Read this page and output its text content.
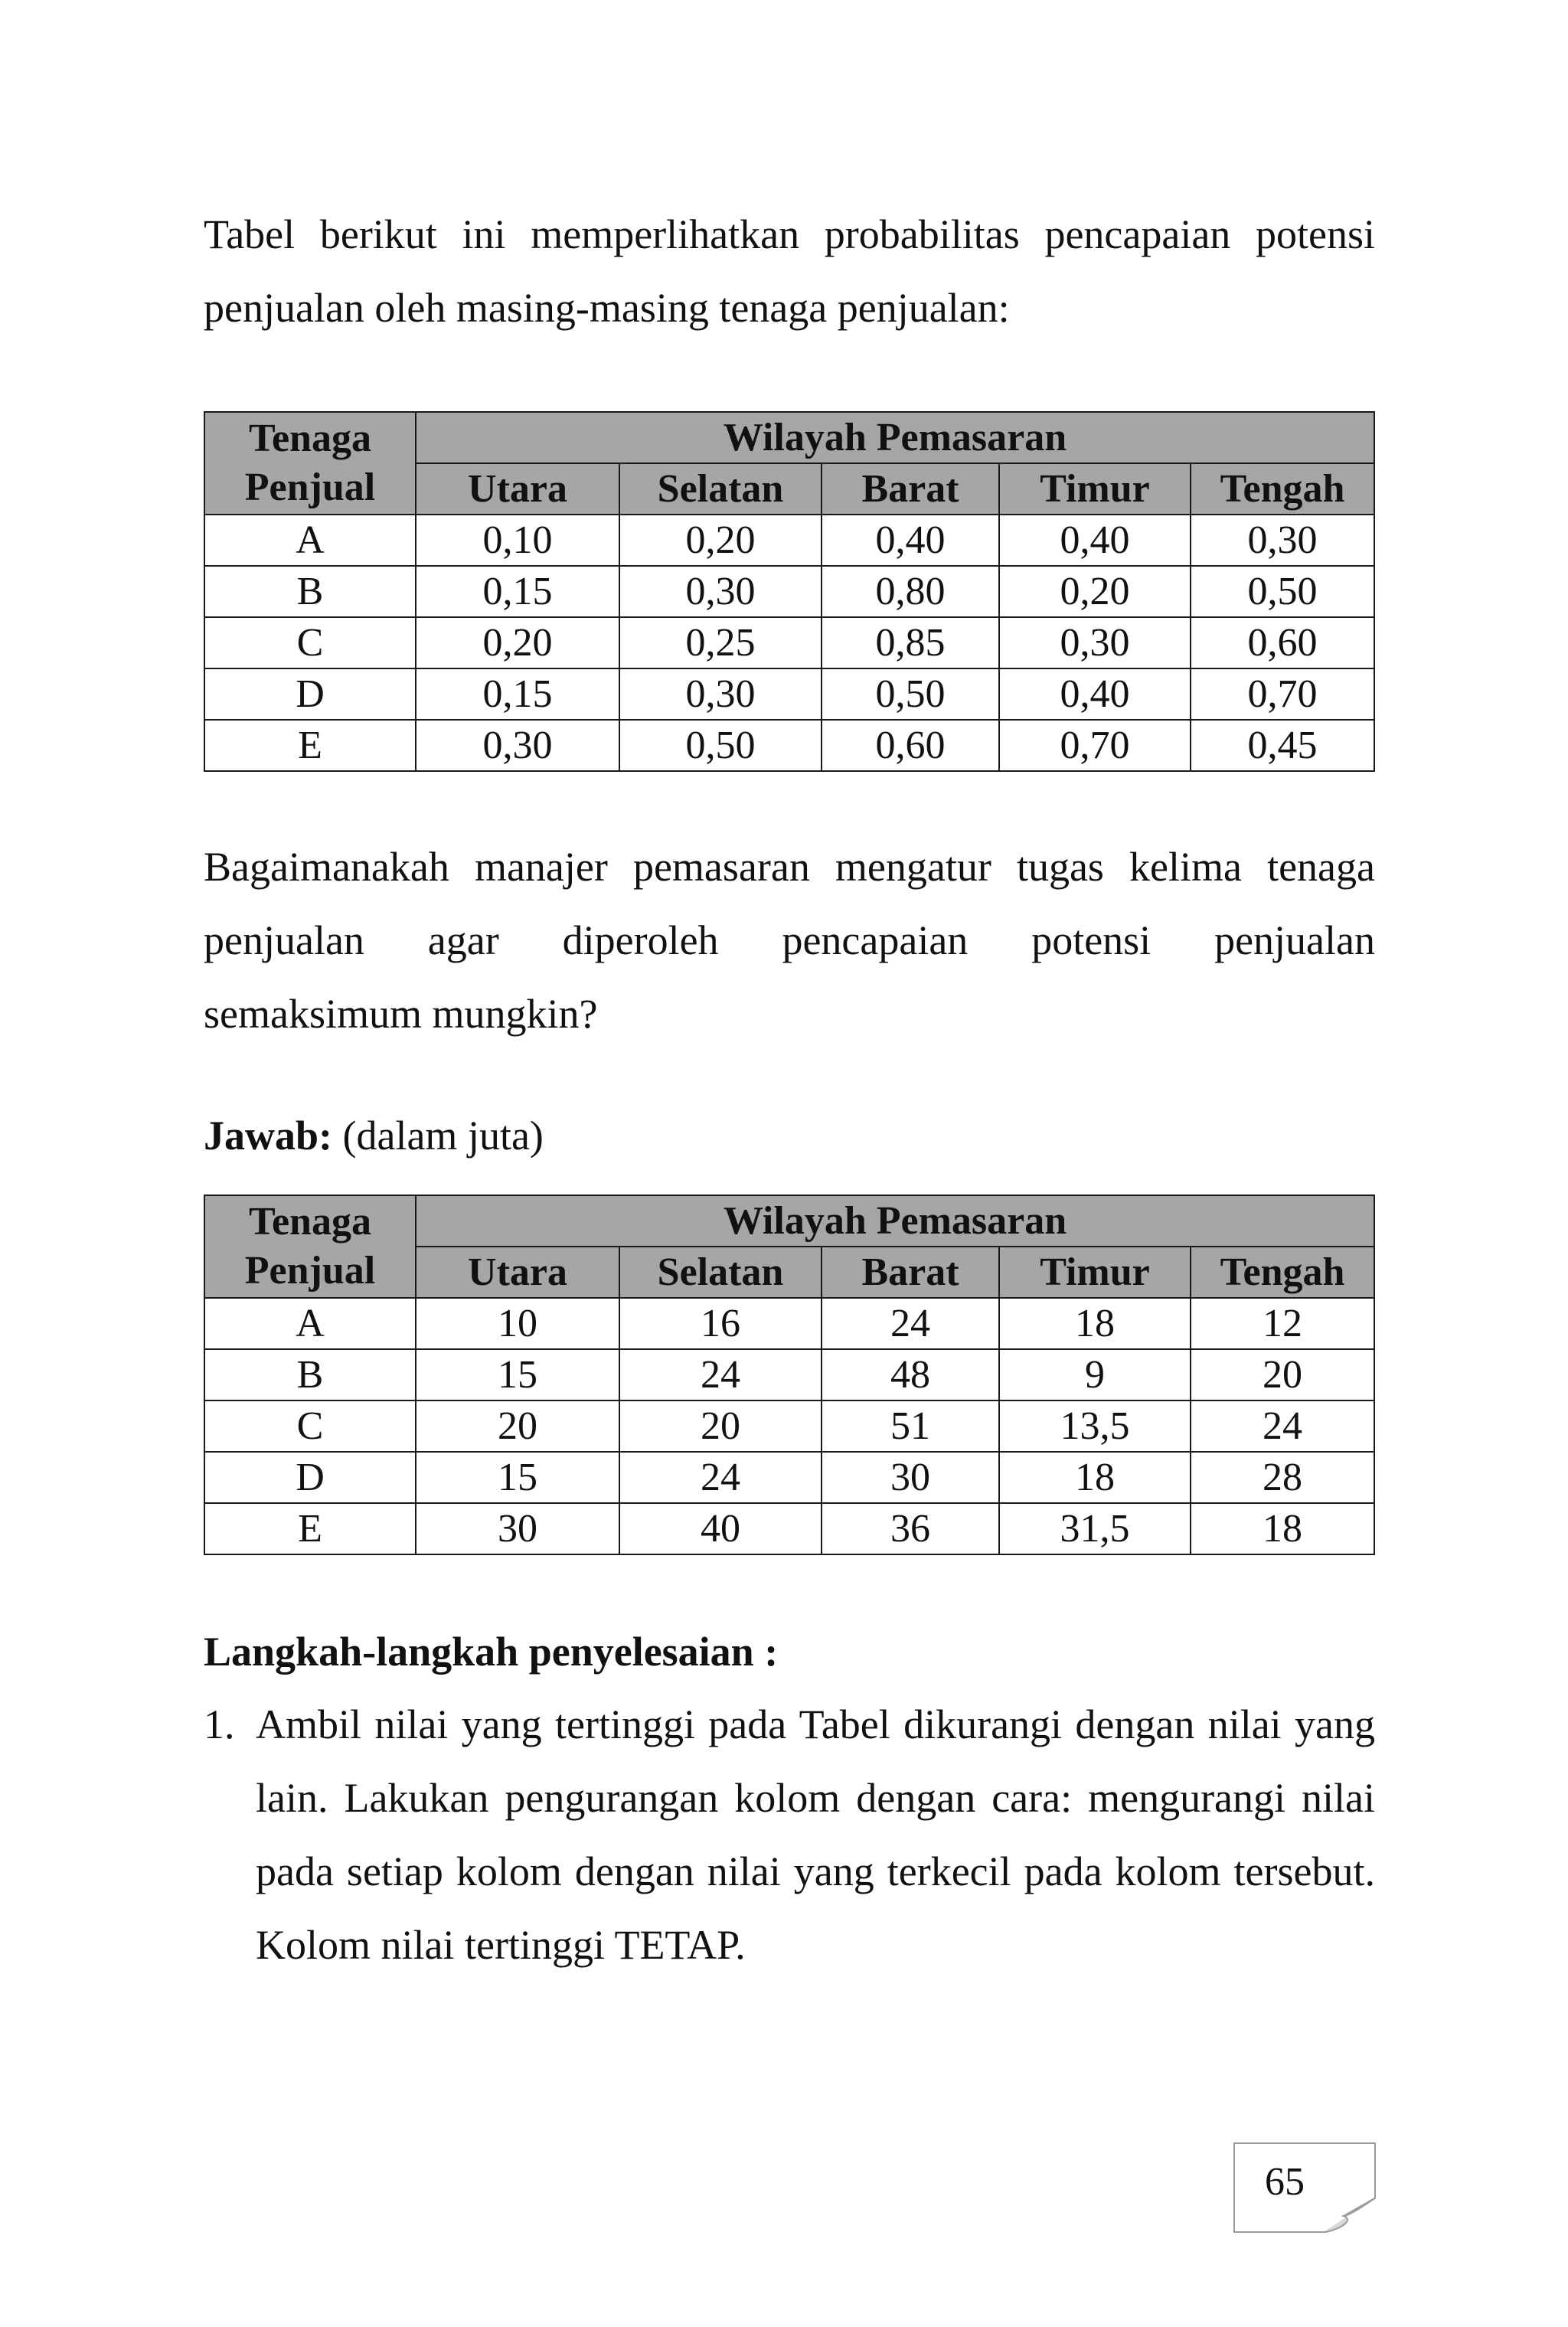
Tabel berikut ini memperlihatkan probabilitas pencapaian potensi penjualan oleh masing-masing tenaga penjualan:

Tenaga
Penjual	Wilayah Pemasaran				
	Utara	Selatan	Barat	Timur	Tengah
A	0,10	0,20	0,40	0,40	0,30
B	0,15	0,30	0,80	0,20	0,50
C	0,20	0,25	0,85	0,30	0,60
D	0,15	0,30	0,50	0,40	0,70
E	0,30	0,50	0,60	0,70	0,45

Bagaimanakah manajer pemasaran mengatur tugas kelima tenaga

penjualan agar diperoleh pencapaian potensi penjualan

semaksimum mungkin?

Jawab: (dalam juta)

Tenaga
Penjual	Wilayah Pemasaran				
	Utara	Selatan	Barat	Timur	Tengah
A	10	16	24	18	12
B	15	24	48	9	20
C	20	20	51	13,5	24
D	15	24	30	18	28
E	30	40	36	31,5	18

Langkah-langkah penyelesaian :

1. Ambil nilai yang tertinggi pada Tabel dikurangi dengan nilai yang lain. Lakukan pengurangan kolom dengan cara: mengurangi nilai pada setiap kolom dengan nilai yang terkecil pada kolom tersebut. Kolom nilai tertinggi TETAP.

65
